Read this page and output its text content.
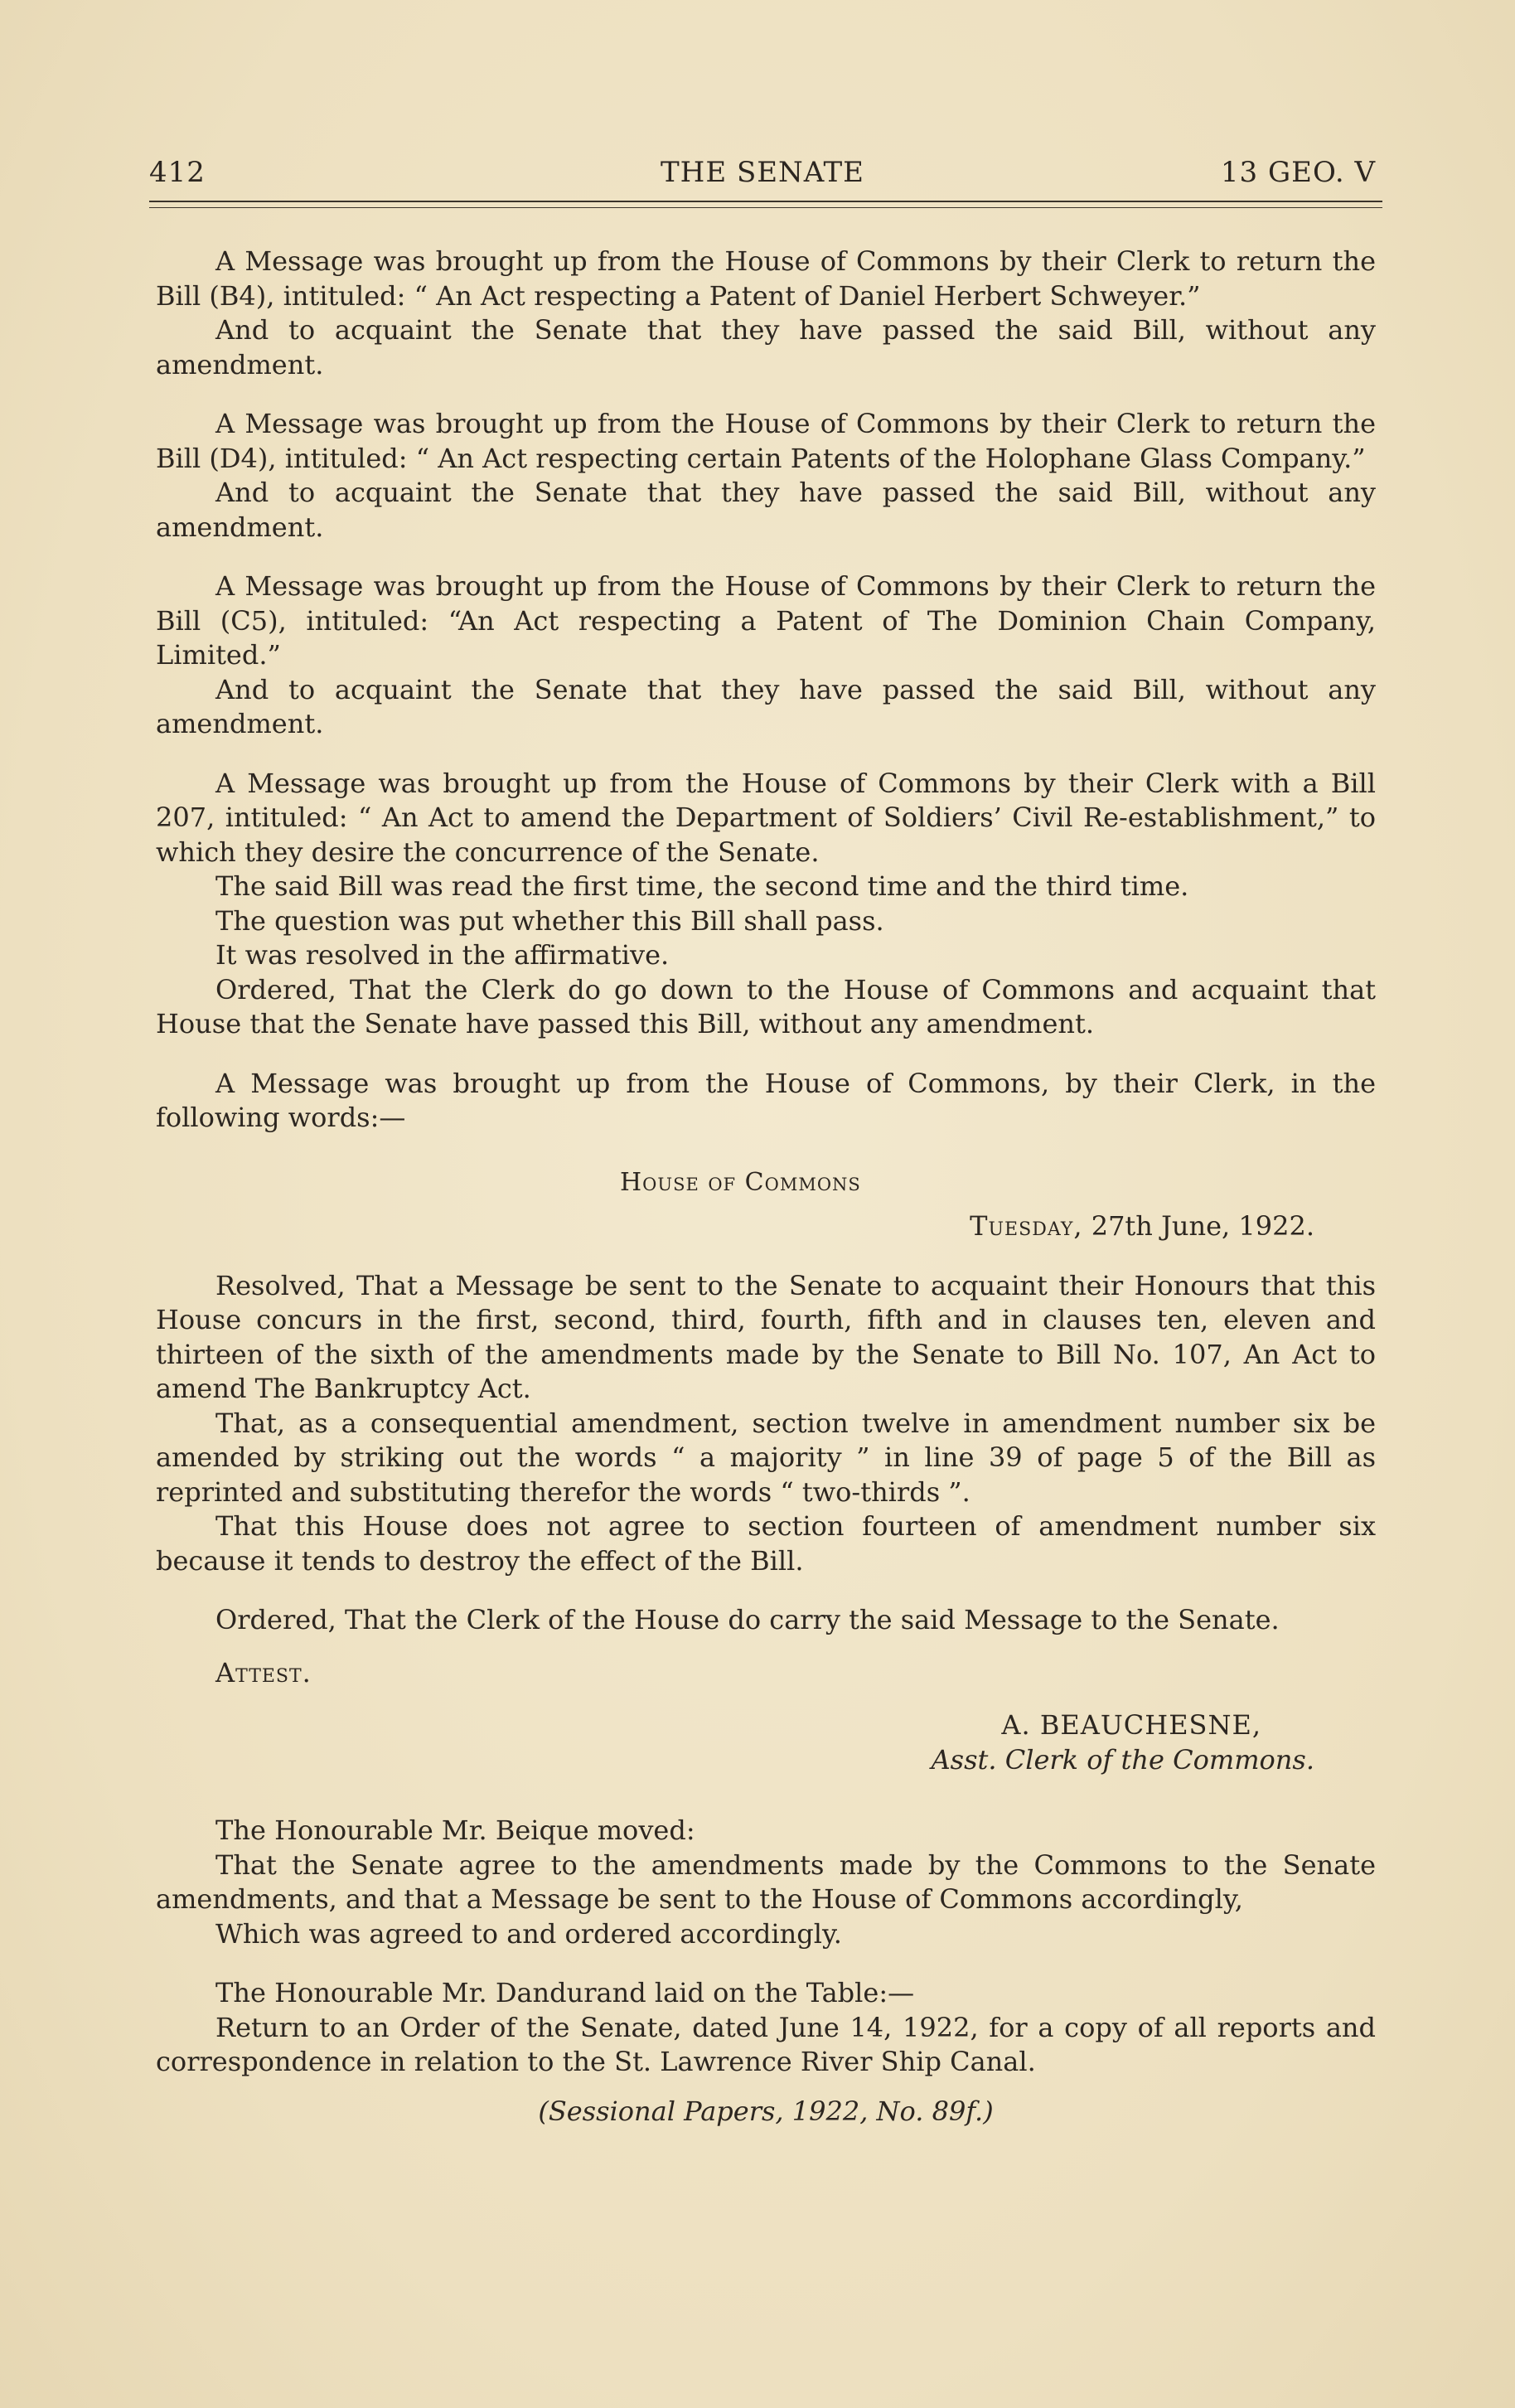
412	THE SENATE	13 GEO. V

A Message was brought up from the House of Commons by their Clerk to return the Bill (B4), intituled: “ An Act respecting a Patent of Daniel Herbert Schweyer.”

And to acquaint the Senate that they have passed the said Bill, without any amendment.

A Message was brought up from the House of Commons by their Clerk to return the Bill (D4), intituled: “ An Act respecting certain Patents of the Holophane Glass Company.”

And to acquaint the Senate that they have passed the said Bill, without any amendment.

A Message was brought up from the House of Commons by their Clerk to return the Bill (C5), intituled: “An Act respecting a Patent of The Dominion Chain Company, Limited.”

And to acquaint the Senate that they have passed the said Bill, without any amendment.

A Message was brought up from the House of Commons by their Clerk with a Bill 207, intituled: “ An Act to amend the Department of Soldiers’ Civil Re-establishment,” to which they desire the concurrence of the Senate.

The said Bill was read the first time, the second time and the third time.

The question was put whether this Bill shall pass.

It was resolved in the affirmative.

Ordered, That the Clerk do go down to the House of Commons and acquaint that House that the Senate have passed this Bill, without any amendment.

A Message was brought up from the House of Commons, by their Clerk, in the following words:—

House of Commons

Tuesday, 27th June, 1922.

Resolved, That a Message be sent to the Senate to acquaint their Honours that this House concurs in the first, second, third, fourth, fifth and in clauses ten, eleven and thirteen of the sixth of the amendments made by the Senate to Bill No. 107, An Act to amend The Bankruptcy Act.

That, as a consequential amendment, section twelve in amendment number six be amended by striking out the words “ a majority ” in line 39 of page 5 of the Bill as reprinted and substituting therefor the words “ two-thirds ”.

That this House does not agree to section fourteen of amendment number six because it tends to destroy the effect of the Bill.

Ordered, That the Clerk of the House do carry the said Message to the Senate.

Attest.

A. BEAUCHESNE,

Asst. Clerk of the Commons.

The Honourable Mr. Beique moved:

That the Senate agree to the amendments made by the Commons to the Senate amendments, and that a Message be sent to the House of Commons accordingly,

Which was agreed to and ordered accordingly.

The Honourable Mr. Dandurand laid on the Table:—

Return to an Order of the Senate, dated June 14, 1922, for a copy of all reports and correspondence in relation to the St. Lawrence River Ship Canal.

(Sessional Papers, 1922, No. 89f.)
